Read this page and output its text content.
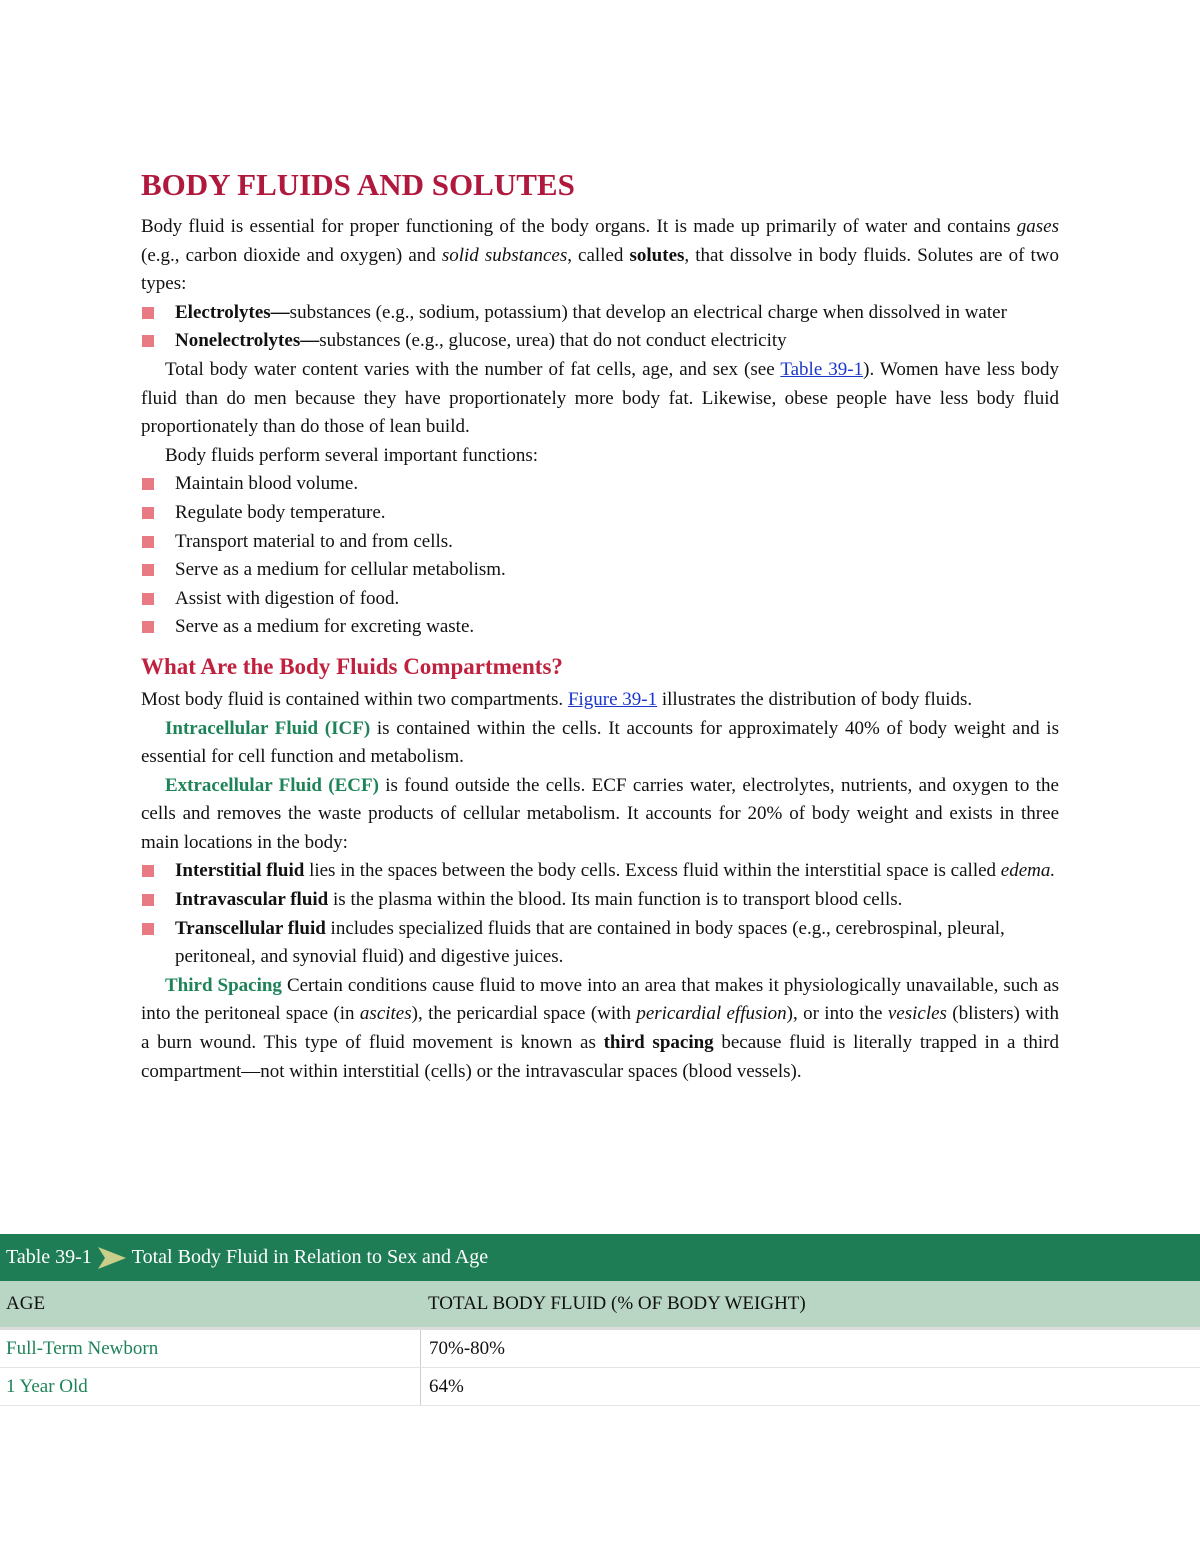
BODY FLUIDS AND SOLUTES

Body fluid is essential for proper functioning of the body organs. It is made up primarily of water and contains gases (e.g., carbon dioxide and oxygen) and solid substances, called solutes, that dissolve in body fluids. Solutes are of two types:

Electrolytes—substances (e.g., sodium, potassium) that develop an electrical charge when dissolved in water
Nonelectrolytes—substances (e.g., glucose, urea) that do not conduct electricity

Total body water content varies with the number of fat cells, age, and sex (see Table 39-1). Women have less body fluid than do men because they have proportionately more body fat. Likewise, obese people have less body fluid proportionately than do those of lean build.

Body fluids perform several important functions:

Maintain blood volume.
Regulate body temperature.
Transport material to and from cells.
Serve as a medium for cellular metabolism.
Assist with digestion of food.
Serve as a medium for excreting waste.
What Are the Body Fluids Compartments?

Most body fluid is contained within two compartments. Figure 39-1 illustrates the distribution of body fluids.

Intracellular Fluid (ICF) is contained within the cells. It accounts for approximately 40% of body weight and is essential for cell function and metabolism.

Extracellular Fluid (ECF) is found outside the cells. ECF carries water, electrolytes, nutrients, and oxygen to the cells and removes the waste products of cellular metabolism. It accounts for 20% of body weight and exists in three main locations in the body:

Interstitial fluid lies in the spaces between the body cells. Excess fluid within the interstitial space is called edema.
Intravascular fluid is the plasma within the blood. Its main function is to transport blood cells.
Transcellular fluid includes specialized fluids that are contained in body spaces (e.g., cerebrospinal, pleural, peritoneal, and synovial fluid) and digestive juices.

Third Spacing Certain conditions cause fluid to move into an area that makes it physiologically unavailable, such as into the peritoneal space (in ascites), the pericardial space (with pericardial effusion), or into the vesicles (blisters) with a burn wound. This type of fluid movement is known as third spacing because fluid is literally trapped in a third compartment—not within interstitial (cells) or the intravascular spaces (blood vessels).

Table 39-1 Total Body Fluid in Relation to Sex and Age
AGE	TOTAL BODY FLUID (% OF BODY WEIGHT)
Full-Term Newborn	70%-80%
1 Year Old	64%
